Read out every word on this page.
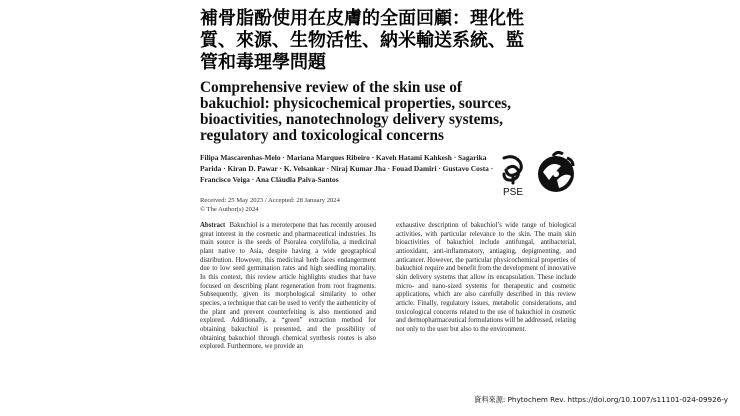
補骨脂酚使用在皮膚的全面回顧：理化性質、來源、生物活性、納米輸送系統、監管和毒理學問題
Comprehensive review of the skin use of bakuchiol: physicochemical properties, sources, bioactivities, nanotechnology delivery systems, regulatory and toxicological concerns
Filipa Mascarenhas-Melo · Mariana Marques Ribeiro · Kaveh Hatami Kahkesh · Sagarika Parida · Kiran D. Pawar · K. Velsankar · Niraj Kumar Jha · Fouad Damiri · Gustavo Costa · Francisco Veiga · Ana Cláudia Paiva-Santos
Received: 25 May 2023 / Accepted: 28 January 2024
© The Author(s) 2024
Abstract Bakuchiol is a meroterpene that has recently aroused great interest in the cosmetic and pharmaceutical industries. Its main source is the seeds of Psoralea corylifolia, a medicinal plant native to Asia, despite having a wide geographical distribution. However, this medicinal herb faces endangerment due to low seed germination rates and high seedling mortality. In this context, this review article highlights studies that have focused on describing plant regeneration from root fragments. Subsequently, given its morphological similarity to other species, a technique that can be used to verify the authenticity of the plant and prevent counterfeiting is also mentioned and explored. Additionally, a “green” extraction method for obtaining bakuchiol is presented, and the possibility of obtaining bakuchiol through chemical synthesis routes is also explored. Furthermore, we provide an
exhaustive description of bakuchiol’s wide range of biological activities, with particular relevance to the skin. The main skin bioactivities of bakuchiol include antifungal, antibacterial, antioxidant, anti-inflammatory, antiaging, depigmenting, and anticancer. However, the particular physicochemical properties of bakuchiol require and benefit from the development of innovative skin delivery systems that allow its encapsulation. These include micro- and nano-sized systems for therapeutic and cosmetic applications, which are also carefully described in this review article. Finally, regulatory issues, metabolic considerations, and toxicological concerns related to the use of bakuchiol in cosmetic and dermopharmaceutical formulations will be addressed, relating not only to the user but also to the environment.
PSE
資料來源: Phytochem Rev. https://doi.org/10.1007/s11101-024-09926-y
